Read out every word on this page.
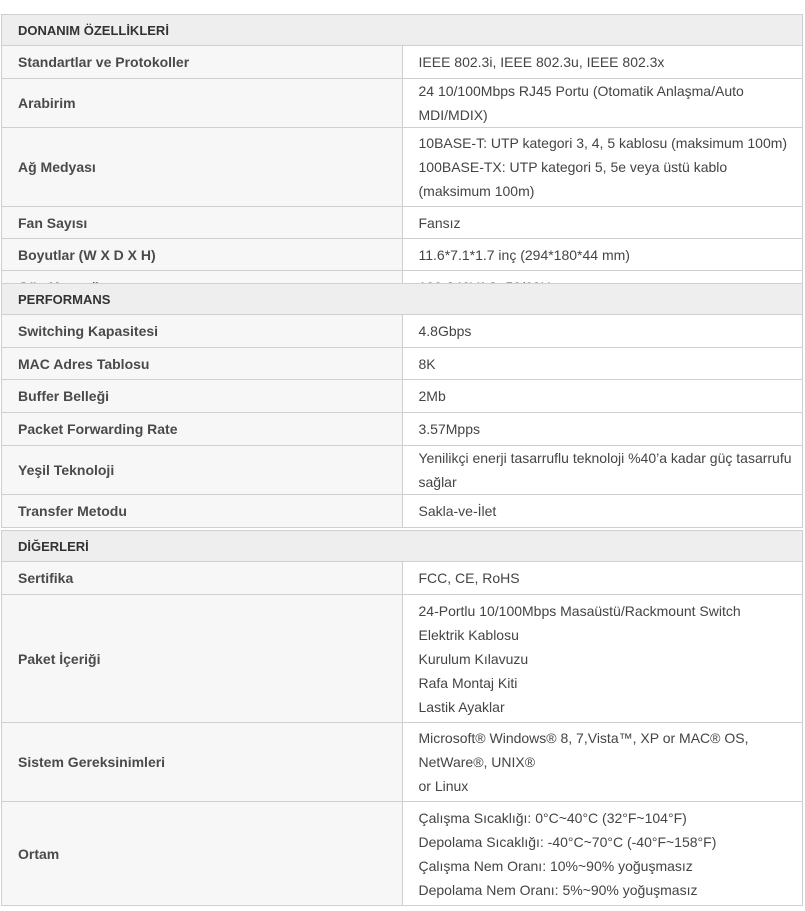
DONANIM ÖZELLİKLERİ	
Standartlar ve Protokoller	IEEE 802.3i, IEEE 802.3u, IEEE 802.3x

Arabirim	24 10/100Mbps RJ45 Portu (Otomatik Anlaşma/Auto MDI/MDIX)

Ağ Medyası	10BASE-T: UTP kategori 3, 4, 5 kablosu (maksimum 100m)
100BASE-TX: UTP kategori 5, 5e veya üstü kablo (maksimum 100m)

Fan Sayısı	Fansız

Boyutlar (W X D X H)	11.6*7.1*1.7 inç (294*180*44 mm)

PERFORMANS	
Switching Kapasitesi	4.8Gbps

MAC Adres Tablosu	8K

Buffer Belleği	2Mb

Packet Forwarding Rate	3.57Mpps

Yeşil Teknoloji	Yenilikçi enerji tasarruflu teknoloji %40’a kadar güç tasarrufu sağlar

Transfer Metodu	Sakla-ve-İlet
DİĞERLERİ	
Sertifika	FCC, CE, RoHS

Paket İçeriği	24-Portlu 10/100Mbps Masaüstü/Rackmount Switch
Elektrik Kablosu
Kurulum Kılavuzu
Rafa Montaj Kiti
Lastik Ayaklar

Sistem Gereksinimleri	Microsoft® Windows® 8, 7,Vista™, XP or MAC® OS, NetWare®, UNIX®
or Linux

Ortam	Çalışma Sıcaklığı: 0°C~40°C (32°F~104°F)
Depolama Sıcaklığı: -40°C~70°C (-40°F~158°F)
Çalışma Nem Oranı: 10%~90% yoğuşmasız
Depolama Nem Oranı: 5%~90% yoğuşmasız
